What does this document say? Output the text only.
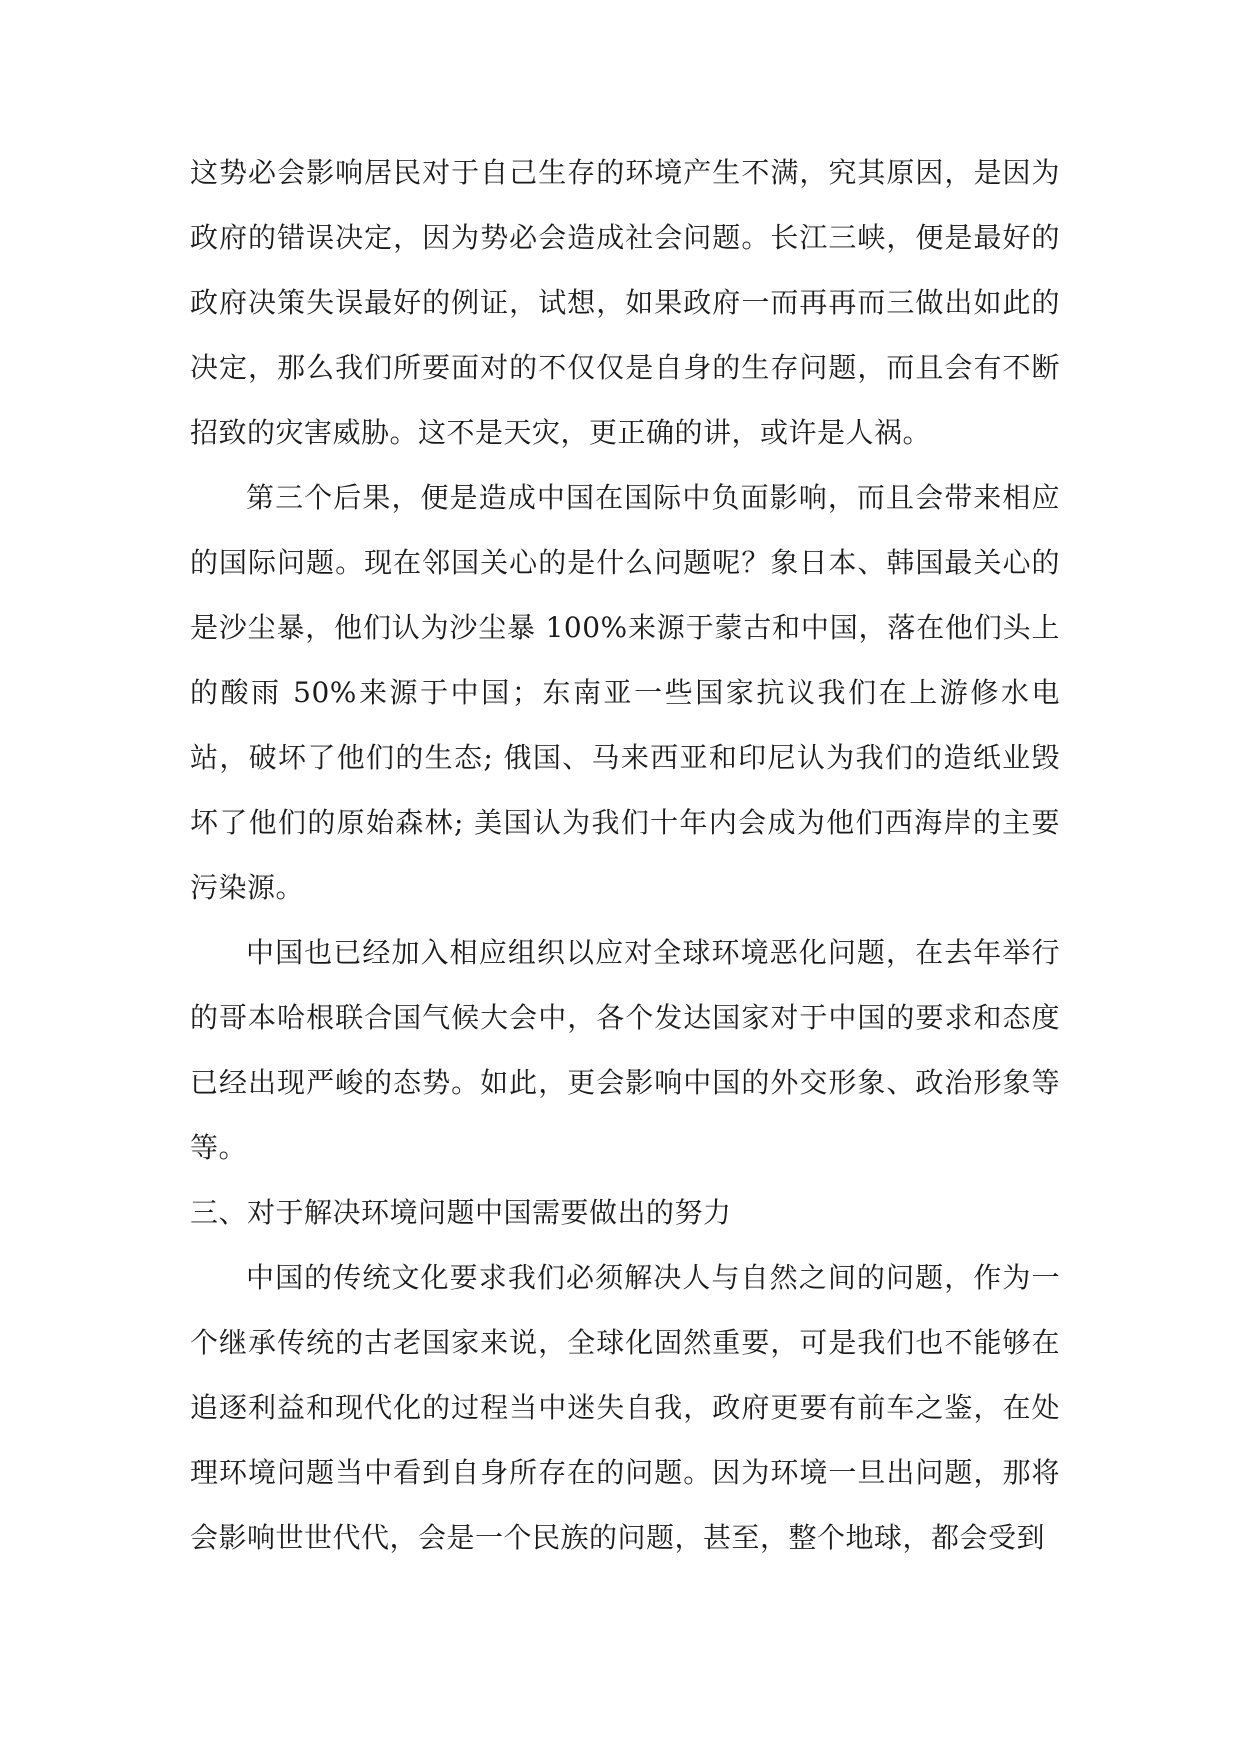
这势必会影响居民对于自己生存的环境产生不满，究其原因，是因为政府的错误决定，因为势必会造成社会问题。长江三峡，便是最好的政府决策失误最好的例证，试想，如果政府一而再再而三做出如此的决定，那么我们所要面对的不仅仅是自身的生存问题，而且会有不断招致的灾害威胁。这不是天灾，更正确的讲，或许是人祸。

第三个后果，便是造成中国在国际中负面影响，而且会带来相应的国际问题。现在邻国关心的是什么问题呢？象日本、韩国最关心的是沙尘暴，他们认为沙尘暴 100%来源于蒙古和中国，落在他们头上的酸雨 50%来源于中国；东南亚一些国家抗议我们在上游修水电站，破坏了他们的生态; 俄国、马来西亚和印尼认为我们的造纸业毁坏了他们的原始森林; 美国认为我们十年内会成为他们西海岸的主要污染源。

中国也已经加入相应组织以应对全球环境恶化问题，在去年举行的哥本哈根联合国气候大会中，各个发达国家对于中国的要求和态度已经出现严峻的态势。如此，更会影响中国的外交形象、政治形象等等。

三、对于解决环境问题中国需要做出的努力

中国的传统文化要求我们必须解决人与自然之间的问题，作为一个继承传统的古老国家来说，全球化固然重要，可是我们也不能够在追逐利益和现代化的过程当中迷失自我，政府更要有前车之鉴，在处理环境问题当中看到自身所存在的问题。因为环境一旦出问题，那将会影响世世代代，会是一个民族的问题，甚至，整个地球，都会受到
